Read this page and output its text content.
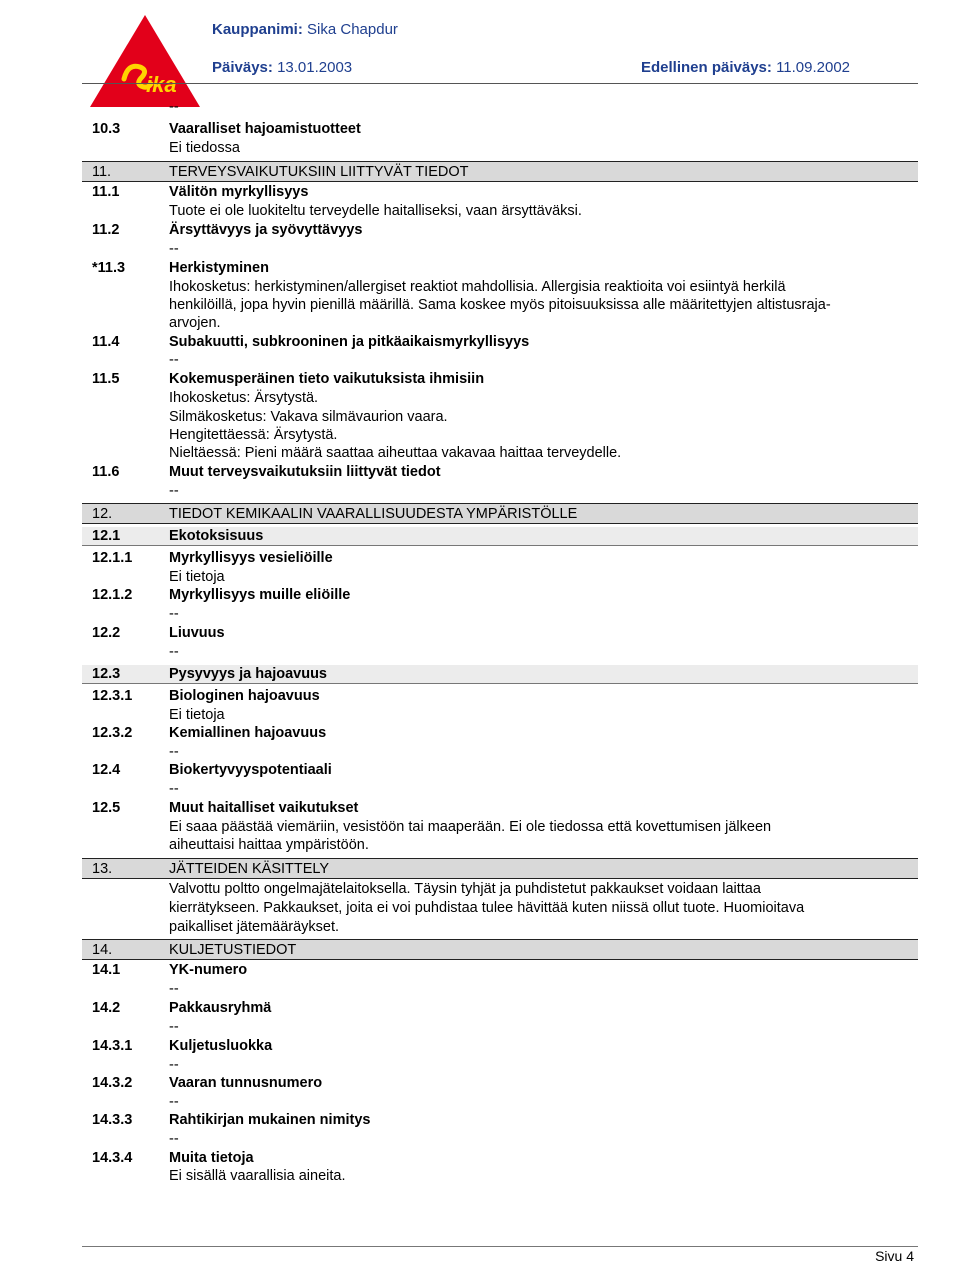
ika
Kauppanimi: Sika Chapdur
Päiväys: 13.01.2003	Edellinen päiväys: 11.09.2002
--
10.3	Vaaralliset hajoamistuotteet
Ei tiedossa
11.	TERVEYSVAIKUTUKSIIN LIITTYVÄT TIEDOT
11.1	Välitön myrkyllisyys
Tuote ei ole luokiteltu terveydelle haitalliseksi, vaan ärsyttäväksi.
11.2	Ärsyttävyys ja syövyttävyys
--
*11.3	Herkistyminen
Ihokosketus: herkistyminen/allergiset reaktiot mahdollisia. Allergisia reaktioita voi esiintyä herkilä
henkilöillä, jopa hyvin pienillä määrillä. Sama koskee myös pitoisuuksissa alle määritettyjen altistusraja-
arvojen.
11.4	Subakuutti, subkrooninen ja pitkäaikaismyrkyllisyys
--
11.5	Kokemusperäinen tieto vaikutuksista ihmisiin
Ihokosketus: Ärsytystä.
Silmäkosketus: Vakava silmävaurion vaara.
Hengitettäessä: Ärsytystä.
Nieltäessä: Pieni määrä saattaa aiheuttaa vakavaa haittaa terveydelle.
11.6	Muut terveysvaikutuksiin liittyvät tiedot
--
12.	TIEDOT KEMIKAALIN VAARALLISUUDESTA YMPÄRISTÖLLE
12.1	Ekotoksisuus
12.1.1	Myrkyllisyys vesieliöille
Ei tietoja
12.1.2	Myrkyllisyys muille eliöille
--
12.2	Liuvuus
--
12.3	Pysyvyys ja hajoavuus
12.3.1	Biologinen hajoavuus
Ei tietoja
12.3.2	Kemiallinen hajoavuus
--
12.4	Biokertyvyyspotentiaali
--
12.5	Muut haitalliset vaikutukset
Ei saaa päästää viemäriin, vesistöön tai maaperään. Ei ole tiedossa että kovettumisen jälkeen
aiheuttaisi haittaa ympäristöön.
13.	JÄTTEIDEN KÄSITTELY
Valvottu poltto ongelmajätelaitoksella. Täysin tyhjät ja puhdistetut pakkaukset voidaan laittaa
kierrätykseen. Pakkaukset, joita ei voi puhdistaa tulee hävittää kuten niissä ollut tuote. Huomioitava
paikalliset jätemääräykset.
14.	KULJETUSTIEDOT
14.1	YK-numero
--
14.2	Pakkausryhmä
--
14.3.1	Kuljetusluokka
--
14.3.2	Vaaran tunnusnumero
--
14.3.3	Rahtikirjan mukainen nimitys
--
14.3.4	Muita tietoja
Ei sisällä vaarallisia aineita.
Sivu 4
